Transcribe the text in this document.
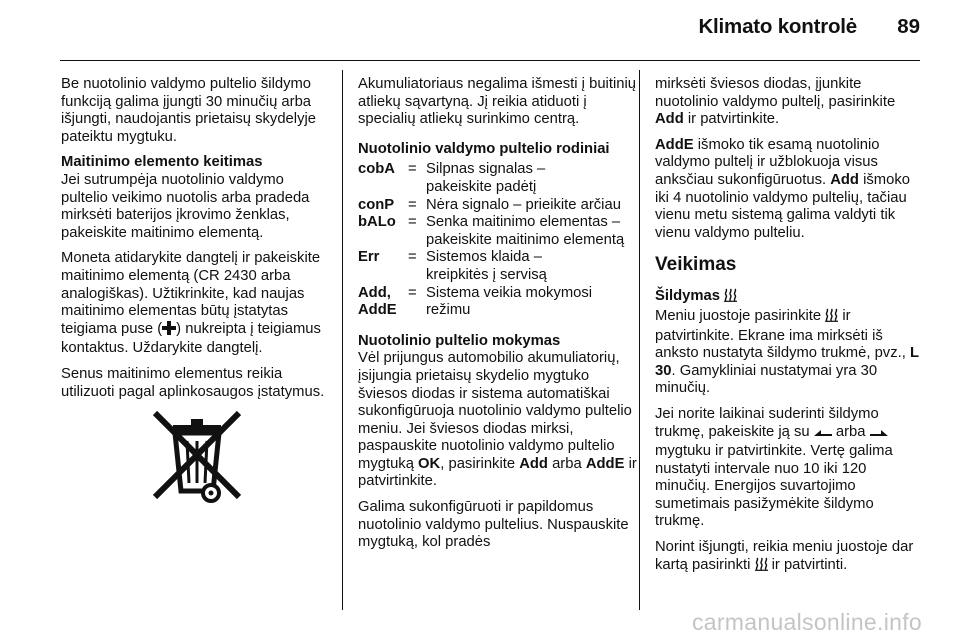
Klimato kontrolė 89

Be nuotolinio valdymo pultelio šildymo funkciją galima įjungti 30 minučių arba išjungti, naudojantis prietaisų skydelyje pateiktu mygtuku.

Maitinimo elemento keitimas

Jei sutrumpėja nuotolinio valdymo pultelio veikimo nuotolis arba pradeda mirksėti baterijos įkrovimo ženklas, pakeiskite maitinimo elementą.

Moneta atidarykite dangtelį ir pakeiskite maitinimo elementą (CR 2430 arba analogiškas). Užtikrinkite, kad naujas maitinimo elementas būtų įstatytas teigiama puse ( ) nukreipta į teigiamus kontaktus. Uždarykite dangtelį.

Senus maitinimo elementus reikia utilizuoti pagal aplinkosaugos įstatymus.

Akumuliatoriaus negalima išmesti į buitinių atliekų sąvartyną. Jį reikia atiduoti į specialių atliekų surinkimo centrą.

Nuotolinio valdymo pultelio rodiniai

cobA = Silpnas signalas –
pakeiskite padėtį
conP = Nėra signalo – prieikite arčiau
bALo = Senka maitinimo elementas –
pakeiskite maitinimo elementą
Err	= Sistemos klaida –
kreipkitės į servisą
Add,
AddE
= Sistema veikia mokymosi
režimu

Nuotolinio pultelio mokymas

Vėl prijungus automobilio akumuliatorių, įsijungia prietaisų skydelio mygtuko šviesos diodas ir sistema automatiškai sukonfigūruoja nuotolinio valdymo pultelio meniu. Jei šviesos diodas mirksi, paspauskite nuotolinio valdymo pultelio mygtuką OK, pasirinkite Add arba AddE ir patvirtinkite.

Galima sukonfigūruoti ir papildomus nuotolinio valdymo pultelius. Nuspauskite mygtuką, kol pradės

mirksėti šviesos diodas, įjunkite nuotolinio valdymo pultelį, pasirinkite Add ir patvirtinkite.

AddE išmoko tik esamą nuotolinio valdymo pultelį ir užblokuoja visus anksčiau sukonfigūruotus. Add išmoko iki 4 nuotolinio valdymo pultelių, tačiau vienu metu sistemą galima valdyti tik vienu valdymo pulteliu.

Veikimas

Šildymas

Meniu juostoje pasirinkite  ir patvirtinkite. Ekrane ima mirksėti iš anksto nustatyta šildymo trukmė, pvz., L 30. Gamykliniai nustatymai yra 30 minučių.

Jei norite laikinai suderinti šildymo trukmę, pakeiskite ją su  arba  mygtuku ir patvirtinkite. Vertę galima nustatyti intervale nuo 10 iki 120 minučių. Energijos suvartojimo sumetimais pasižymėkite šildymo trukmę.

Norint išjungti, reikia meniu juostoje dar kartą pasirinkti  ir patvirtinti.

carmanualsonline.info
